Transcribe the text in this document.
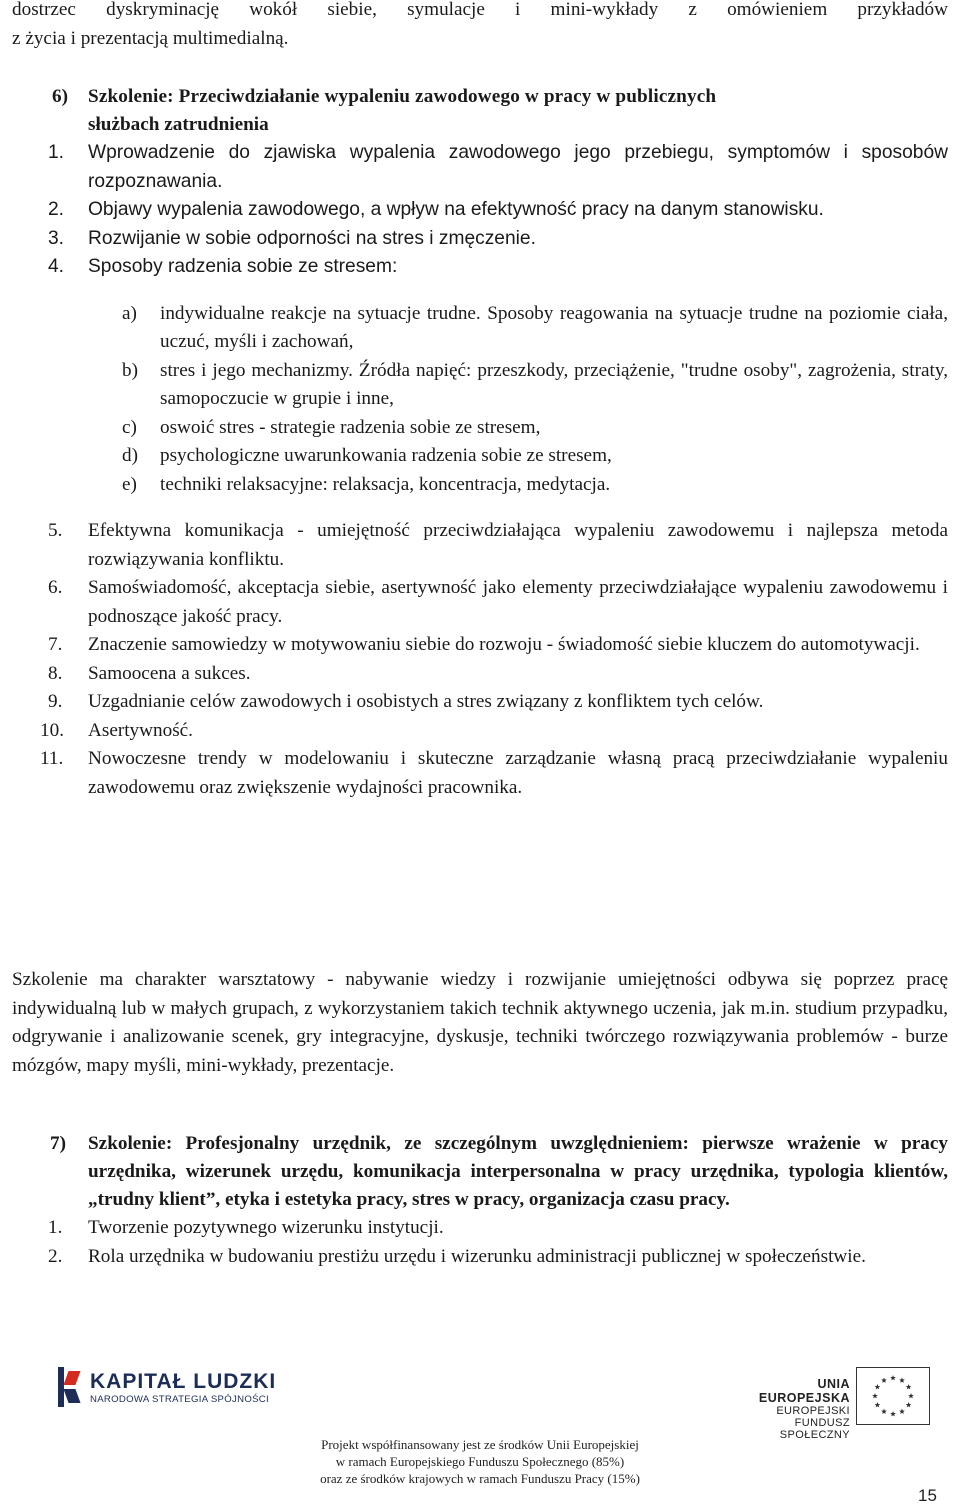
dostrzec dyskryminację wokół siebie, symulacje i mini-wykłady z omówieniem przykładów

z życia i prezentacją multimedialną.

6) Szkolenie: Przeciwdziałanie wypaleniu zawodowego w pracy w publicznych
służbach zatrudnienia

1.	Wprowadzenie do zjawiska wypalenia zawodowego jego przebiegu, symptomów i sposobów rozpoznawania.

2.	Objawy wypalenia zawodowego, a wpływ na efektywność pracy na danym stanowisku.

3.	Rozwijanie w sobie odporności na stres i zmęczenie.

4.	Sposoby radzenia sobie ze stresem:

a) indywidualne reakcje na sytuacje trudne. Sposoby reagowania na sytuacje trudne na poziomie ciała, uczuć, myśli i zachowań,

b) stres i jego mechanizmy. Źródła napięć: przeszkody, przeciążenie, "trudne osoby", zagrożenia, straty, samopoczucie w grupie i inne,

c) oswoić stres - strategie radzenia sobie ze stresem,

d) psychologiczne uwarunkowania radzenia sobie ze stresem,

e) techniki relaksacyjne: relaksacja, koncentracja, medytacja.

5.	Efektywna komunikacja - umiejętność przeciwdziałająca wypaleniu zawodowemu i najlepsza metoda rozwiązywania konfliktu.

6.	Samoświadomość, akceptacja siebie, asertywność jako elementy przeciwdziałające wypaleniu zawodowemu i podnoszące jakość pracy.

7.	Znaczenie samowiedzy w motywowaniu siebie do rozwoju - świadomość siebie kluczem do automotywacji.

8.	Samoocena a sukces.

9.	Uzgadnianie celów zawodowych i osobistych a stres związany z konfliktem tych celów.

10.	Asertywność.

11.	Nowoczesne trendy w modelowaniu i skuteczne zarządzanie własną pracą przeciwdziałanie wypaleniu zawodowemu oraz zwiększenie wydajności pracownika.

Szkolenie ma charakter warsztatowy - nabywanie wiedzy i rozwijanie umiejętności odbywa się poprzez pracę indywidualną lub w małych grupach, z wykorzystaniem takich technik aktywnego uczenia, jak m.in. studium przypadku, odgrywanie i analizowanie scenek, gry integracyjne, dyskusje, techniki twórczego rozwiązywania problemów - burze mózgów, mapy myśli, mini-wykłady, prezentacje.

7) Szkolenie: Profesjonalny urzędnik, ze szczególnym uwzględnieniem: pierwsze wrażenie w pracy urzędnika, wizerunek urzędu, komunikacja interpersonalna w pracy urzędnika, typologia klientów, „trudny klient”, etyka i estetyka pracy, stres w pracy, organizacja czasu pracy.

1.	Tworzenie pozytywnego wizerunku instytucji.

2.	Rola urzędnika w budowaniu prestiżu urzędu i wizerunku administracji publicznej w społeczeństwie.

KAPITAŁ LUDZKI
NARODOWA STRATEGIA SPÓJNOŚCI
UNIA EUROPEJSKA
EUROPEJSKI
FUNDUSZ SPOŁECZNY
Projekt współfinansowany jest ze środków Unii Europejskiej
w ramach Europejskiego Funduszu Społecznego (85%)
oraz ze środków krajowych w ramach Funduszu Pracy (15%)
15
